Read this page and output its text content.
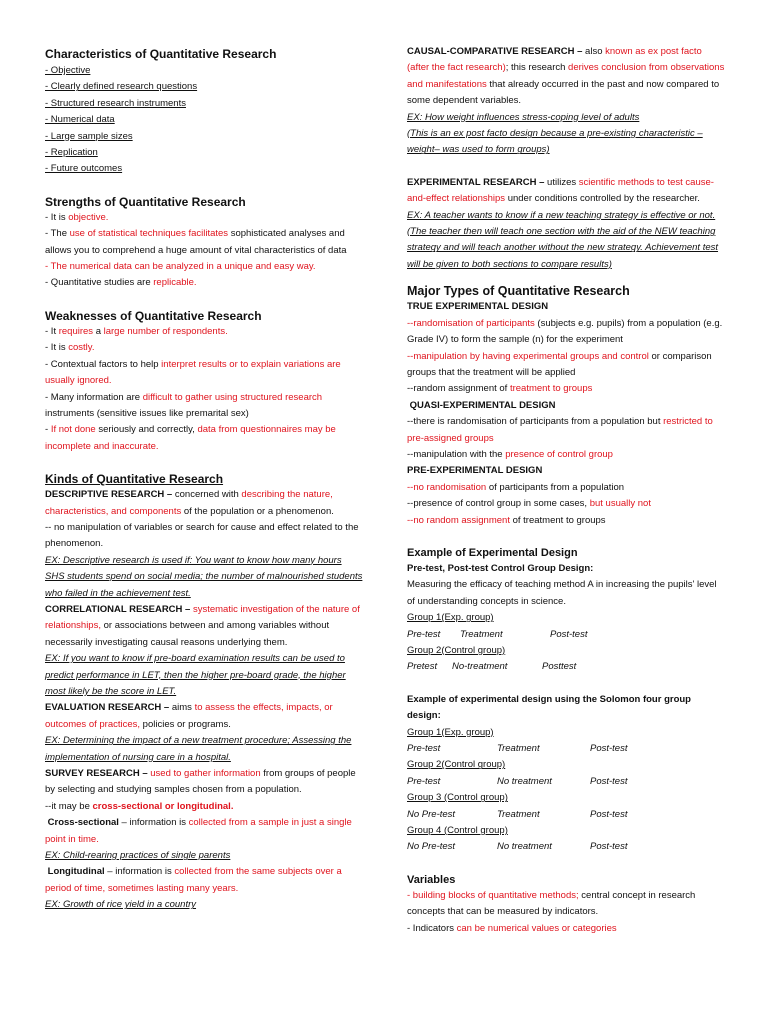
Characteristics of Quantitative Research

- Objective

- Clearly defined research questions

- Structured research instruments

- Numerical data

- Large sample sizes

- Replication

- Future outcomes

Strengths of Quantitative Research

- It is objective.

- The use of statistical techniques facilitates sophisticated analyses and allows you to comprehend a huge amount of vital characteristics of data

- The numerical data can be analyzed in a unique and easy way.

- Quantitative studies are replicable.

Weaknesses of Quantitative Research

- It requires a large number of respondents.

- It is costly.

- Contextual factors to help interpret results or to explain variations are usually ignored.

- Many information are difficult to gather using structured research instruments (sensitive issues like premarital sex)

- If not done seriously and correctly, data from questionnaires may be incomplete and inaccurate.

Kinds of Quantitative Research

DESCRIPTIVE RESEARCH – concerned with describing the nature, characteristics, and components of the population or a phenomenon.

-- no manipulation of variables or search for cause and effect related to the phenomenon.

EX: Descriptive research is used if: You want to know how many hours SHS students spend on social media; the number of malnourished students who failed in the achievement test.

CORRELATIONAL RESEARCH – systematic investigation of the nature of relationships, or associations between and among variables without necessarily investigating causal reasons underlying them.

EX: If you want to know if pre-board examination results can be used to predict performance in LET, then the higher pre-board grade, the higher most likely be the score in LET.

EVALUATION RESEARCH – aims to assess the effects, impacts, or outcomes of practices, policies or programs.

EX: Determining the impact of a new treatment procedure; Assessing the implementation of nursing care in a hospital.

SURVEY RESEARCH – used to gather information from groups of people by selecting and studying samples chosen from a population.

--it may be cross-sectional or longitudinal.

Cross-sectional – information is collected from a sample in just a single point in time.

EX: Child-rearing practices of single parents

Longitudinal – information is collected from the same subjects over a period of time, sometimes lasting many years.

EX: Growth of rice yield in a country

CAUSAL-COMPARATIVE RESEARCH – also known as ex post facto (after the fact research); this research derives conclusion from observations and manifestations that already occurred in the past and now compared to some dependent variables.

EX: How weight influences stress-coping level of adults

(This is an ex post facto design because a pre-existing characteristic –weight– was used to form groups)

EXPERIMENTAL RESEARCH – utilizes scientific methods to test cause-and-effect relationships under conditions controlled by the researcher.

EX: A teacher wants to know if a new teaching strategy is effective or not. (The teacher then will teach one section with the aid of the NEW teaching strategy and will teach another without the new strategy. Achievement test will be given to both sections to compare results)

Major Types of Quantitative Research

TRUE EXPERIMENTAL DESIGN

--randomisation of participants (subjects e.g. pupils) from a population (e.g. Grade IV) to form the sample (n) for the experiment

--manipulation by having experimental groups and control or comparison groups that the treatment will be applied

--random assignment of treatment to groups

QUASI-EXPERIMENTAL DESIGN

--there is randomisation of participants from a population but restricted to pre-assigned groups

--manipulation with the presence of control group

PRE-EXPERIMENTAL DESIGN

--no randomisation of participants from a population

--presence of control group in some cases, but usually not

--no random assignment of treatment to groups

Example of Experimental Design

Pre-test, Post-test Control Group Design:

Measuring the efficacy of teaching method A in increasing the pupils' level of understanding concepts in science.

Group 1(Exp. group)

Pre-test	Treatment	Post-test

Group 2(Control group)

Pretest	No-treatment	Posttest

Example of experimental design using the Solomon four group design:

Group 1(Exp. group)

Pre-test	Treatment	Post-test

Group 2(Control group)

Pre-test	No treatment	Post-test

Group 3 (Control group)

No Pre-test	Treatment	Post-test

Group 4 (Control group)

No Pre-test	No treatment	Post-test

Variables

- building blocks of quantitative methods; central concept in research concepts that can be measured by indicators.

- Indicators can be numerical values or categories
